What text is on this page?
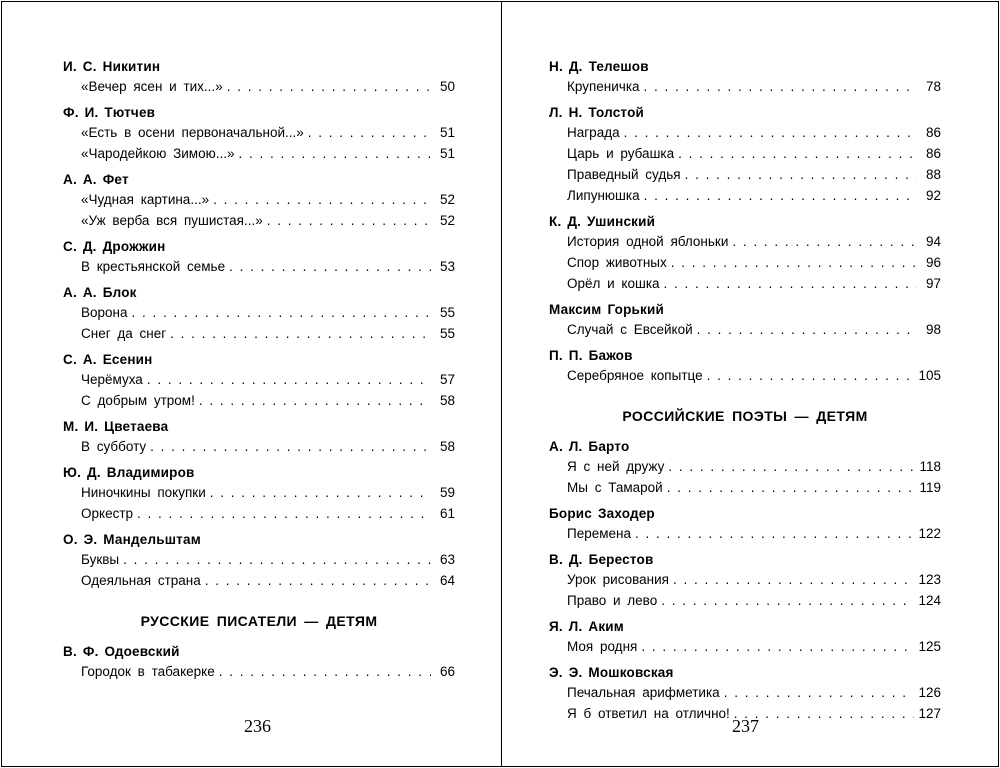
И. С. Никитин
«Вечер ясен и тих...» . . .	50
Ф. И. Тютчев
«Есть в осени первоначальной...» . . .	51
«Чародейкою Зимою...» . . .	51
А. А. Фет
«Чудная картина...» . . .	52
«Уж верба вся пушистая...» . . .	52
С. Д. Дрожжин
В крестьянской семье . . .	53
А. А. Блок
Ворона . . .	55
Снег да снег . . .	55
С. А. Есенин
Черёмуха . . .	57
С добрым утром! . . .	58
М. И. Цветаева
В субботу . . .	58
Ю. Д. Владимиров
Ниночкины покупки . . .	59
Оркестр . . .	61
О. Э. Мандельштам
Буквы . . .	63
Одеяльная страна . . .	64
РУССКИЕ ПИСАТЕЛИ — ДЕТЯМ
В. Ф. Одоевский
Городок в табакерке . . .	66
Н. Д. Телешов
Крупеничка . . .	78
Л. Н. Толстой
Награда . . .	86
Царь и рубашка . . .	86
Праведный судья . . .	88
Липунюшка . . .	92
К. Д. Ушинский
История одной яблоньки . . .	94
Спор животных . . .	96
Орёл и кошка . . .	97
Максим Горький
Случай с Евсейкой . . .	98
П. П. Бажов
Серебряное копытце . . .	105
РОССИЙСКИЕ ПОЭТЫ — ДЕТЯМ
А. Л. Барто
Я с ней дружу . . .	118
Мы с Тамарой . . .	119
Борис Заходер
Перемена . . .	122
В. Д. Берестов
Урок рисования . . .	123
Право и лево . . .	124
Я. Л. Аким
Моя родня . . .	125
Э. Э. Мошковская
Печальная арифметика . . .	126
Я б ответил на отлично! . . .	127
236	237
